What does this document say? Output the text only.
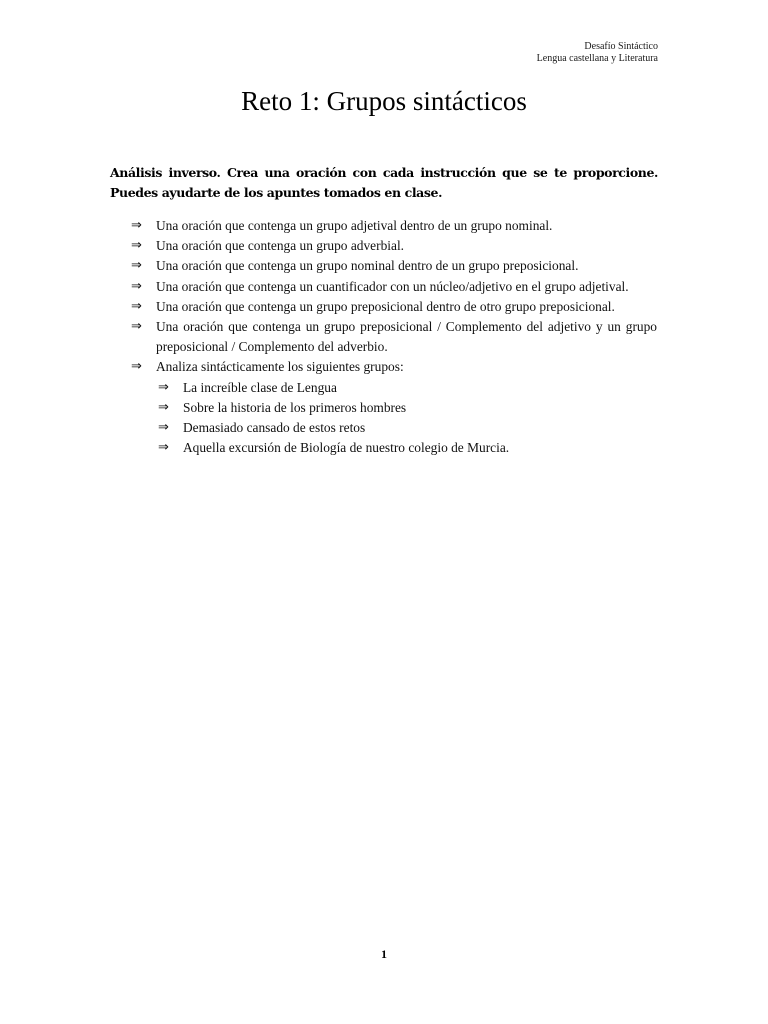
Desafío Sintáctico
Lengua castellana y Literatura
Reto 1: Grupos sintácticos

Análisis inverso. Crea una oración con cada instrucción que se te proporcione. Puedes ayudarte de los apuntes tomados en clase.

⇒ Una oración que contenga un grupo adjetival dentro de un grupo nominal.
⇒ Una oración que contenga un grupo adverbial.
⇒ Una oración que contenga un grupo nominal dentro de un grupo preposicional.
⇒ Una oración que contenga un cuantificador con un núcleo/adjetivo en el grupo adjetival.
⇒ Una oración que contenga un grupo preposicional dentro de otro grupo preposicional.
⇒ Una oración que contenga un grupo preposicional / Complemento del adjetivo y un grupo preposicional / Complemento del adverbio.
⇒ Analiza sintácticamente los siguientes grupos:
⇒ La increíble clase de Lengua
⇒ Sobre la historia de los primeros hombres
⇒ Demasiado cansado de estos retos
⇒ Aquella excursión de Biología de nuestro colegio de Murcia.
1
